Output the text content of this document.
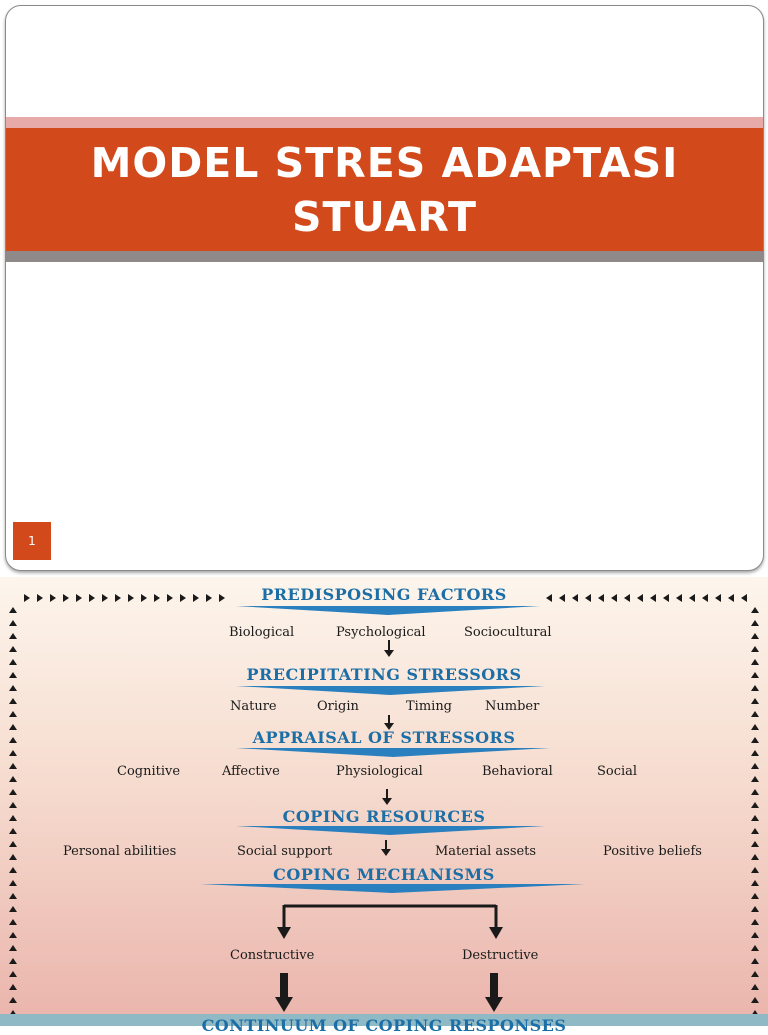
MODEL STRES ADAPTASI STUART
1
PREDISPOSING FACTORS
PRECIPITATING STRESSORS
APPRAISAL OF STRESSORS
COPING RESOURCES
COPING MECHANISMS
Biological	Psychological	Sociocultural
Nature	Origin	Timing	Number
Cognitive	Affective	Physiological	Behavioral	Social
Personal abilities	Social support	Material assets	Positive beliefs
Constructive	Destructive
CONTINUUM OF COPING RESPONSES
